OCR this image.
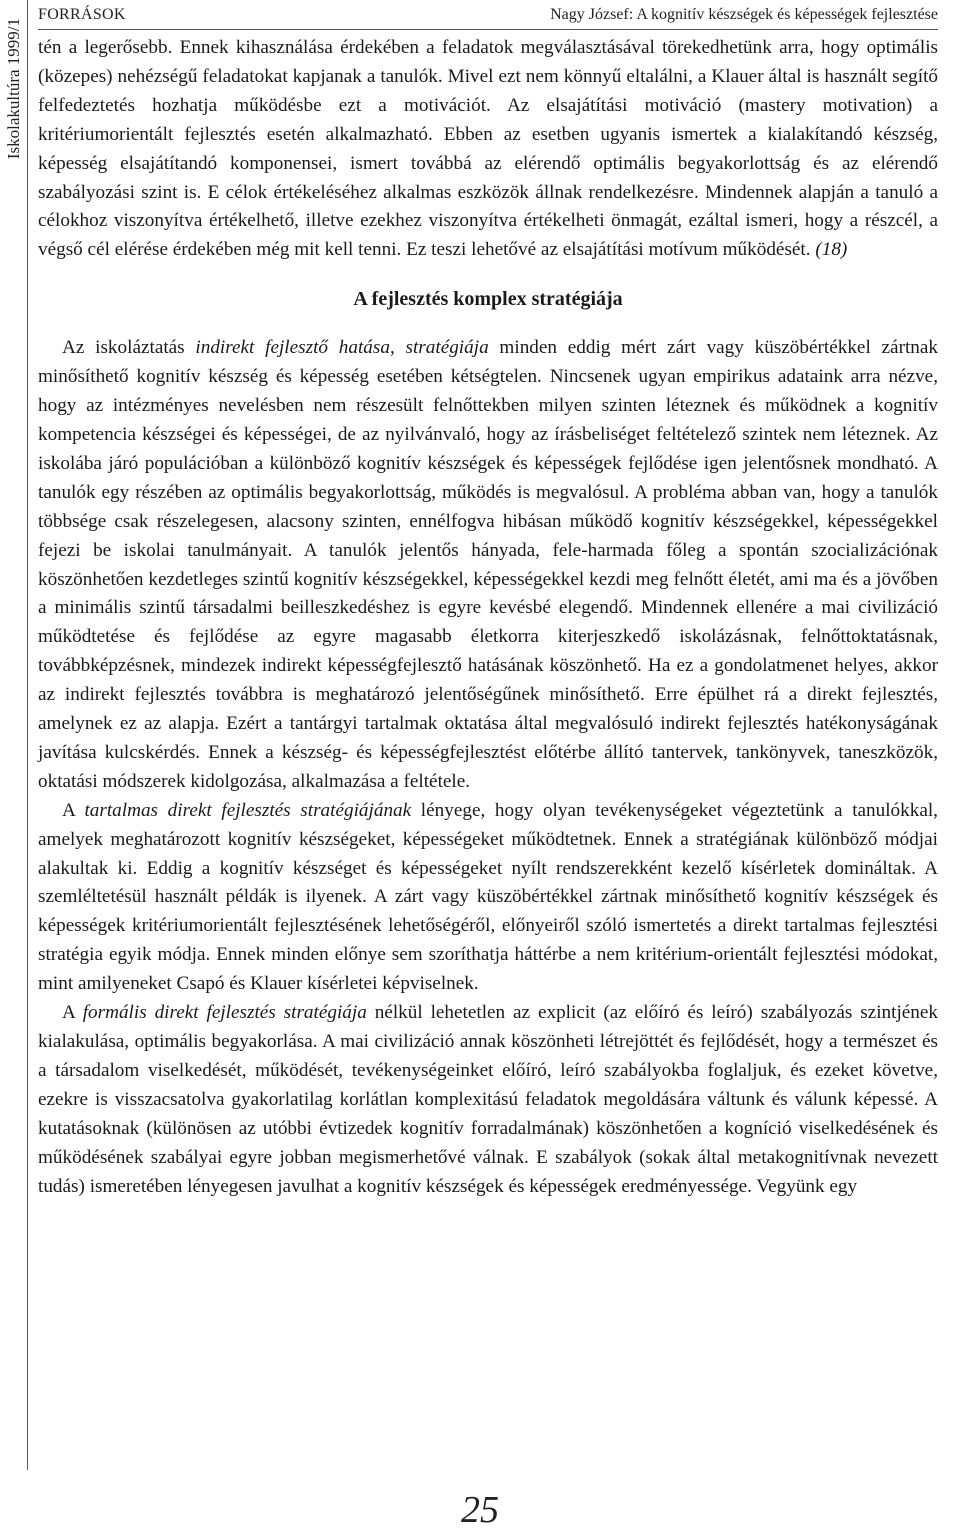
Iskolakultúra 1999/1
FORRÁSOK	Nagy József: A kognitív készségek és képességek fejlesztése

tén a legerősebb. Ennek kihasználása érdekében a feladatok megválasztásával törekedhetünk arra, hogy optimális (közepes) nehézségű feladatokat kapjanak a tanulók. Mivel ezt nem könnyű eltalálni, a Klauer által is használt segítő felfedeztetés hozhatja működésbe ezt a motivációt. Az elsajátítási motiváció (mastery motivation) a kritériumorientált fejlesztés esetén alkalmazható. Ebben az esetben ugyanis ismertek a kialakítandó készség, képesség elsajátítandó komponensei, ismert továbbá az elérendő optimális begyakorlottság és az elérendő szabályozási szint is. E célok értékeléséhez alkalmas eszközök állnak rendelkezésre. Mindennek alapján a tanuló a célokhoz viszonyítva értékelhető, illetve ezekhez viszonyítva értékelheti önmagát, ezáltal ismeri, hogy a részcél, a végső cél elérése érdekében még mit kell tenni. Ez teszi lehetővé az elsajátítási motívum működését. (18)

A fejlesztés komplex stratégiája

Az iskoláztatás indirekt fejlesztő hatása, stratégiája minden eddig mért zárt vagy küszöbértékkel zártnak minősíthető kognitív készség és képesség esetében kétségtelen. Nincsenek ugyan empirikus adataink arra nézve, hogy az intézményes nevelésben nem részesült felnőttekben milyen szinten léteznek és működnek a kognitív kompetencia készségei és képességei, de az nyilvánvaló, hogy az írásbeliséget feltételező szintek nem léteznek. Az iskolába járó populációban a különböző kognitív készségek és képességek fejlődése igen jelentősnek mondható. A tanulók egy részében az optimális begyakorlottság, működés is megvalósul. A probléma abban van, hogy a tanulók többsége csak részelegesen, alacsony szinten, ennélfogva hibásan működő kognitív készségekkel, képességekkel fejezi be iskolai tanulmányait. A tanulók jelentős hányada, fele-harmada főleg a spontán szocializációnak köszönhetően kezdetleges szintű kognitív készségekkel, képességekkel kezdi meg felnőtt életét, ami ma és a jövőben a minimális szintű társadalmi beilleszkedéshez is egyre kevésbé elegendő. Mindennek ellenére a mai civilizáció működtetése és fejlődése az egyre magasabb életkorra kiterjeszkedő iskolázásnak, felnőttoktatásnak, továbbképzésnek, mindezek indirekt képességfejlesztő hatásának köszönhető. Ha ez a gondolatmenet helyes, akkor az indirekt fejlesztés továbbra is meghatározó jelentőségűnek minősíthető. Erre épülhet rá a direkt fejlesztés, amelynek ez az alapja. Ezért a tantárgyi tartalmak oktatása által megvalósuló indirekt fejlesztés hatékonyságának javítása kulcskérdés. Ennek a készség- és képességfejlesztést előtérbe állító tantervek, tankönyvek, taneszközök, oktatási módszerek kidolgozása, alkalmazása a feltétele.

A tartalmas direkt fejlesztés stratégiájának lényege, hogy olyan tevékenységeket végeztetünk a tanulókkal, amelyek meghatározott kognitív készségeket, képességeket működtetnek. Ennek a stratégiának különböző módjai alakultak ki. Eddig a kognitív készséget és képességeket nyílt rendszerekként kezelő kísérletek domináltak. A szemléltetésül használt példák is ilyenek. A zárt vagy küszöbértékkel zártnak minősíthető kognitív készségek és képességek kritériumorientált fejlesztésének lehetőségéről, előnyeiről szóló ismertetés a direkt tartalmas fejlesztési stratégia egyik módja. Ennek minden előnye sem szoríthatja háttérbe a nem kritérium-orientált fejlesztési módokat, mint amilyeneket Csapó és Klauer kísérletei képviselnek.

A formális direkt fejlesztés stratégiája nélkül lehetetlen az explicit (az előíró és leíró) szabályozás szintjének kialakulása, optimális begyakorlása. A mai civilizáció annak köszönheti létrejöttét és fejlődését, hogy a természet és a társadalom viselkedését, működését, tevékenységeinket előíró, leíró szabályokba foglaljuk, és ezeket követve, ezekre is visszacsatolva gyakorlatilag korlátlan komplexitású feladatok megoldására váltunk és válunk képessé. A kutatásoknak (különösen az utóbbi évtizedek kognitív forradalmának) köszönhetően a kogníció viselkedésének és működésének szabályai egyre jobban megismerhetővé válnak. E szabályok (sokak által metakognitívnak nevezett tudás) ismeretében lényegesen javulhat a kognitív készségek és képességek eredményessége. Vegyünk egy

25
